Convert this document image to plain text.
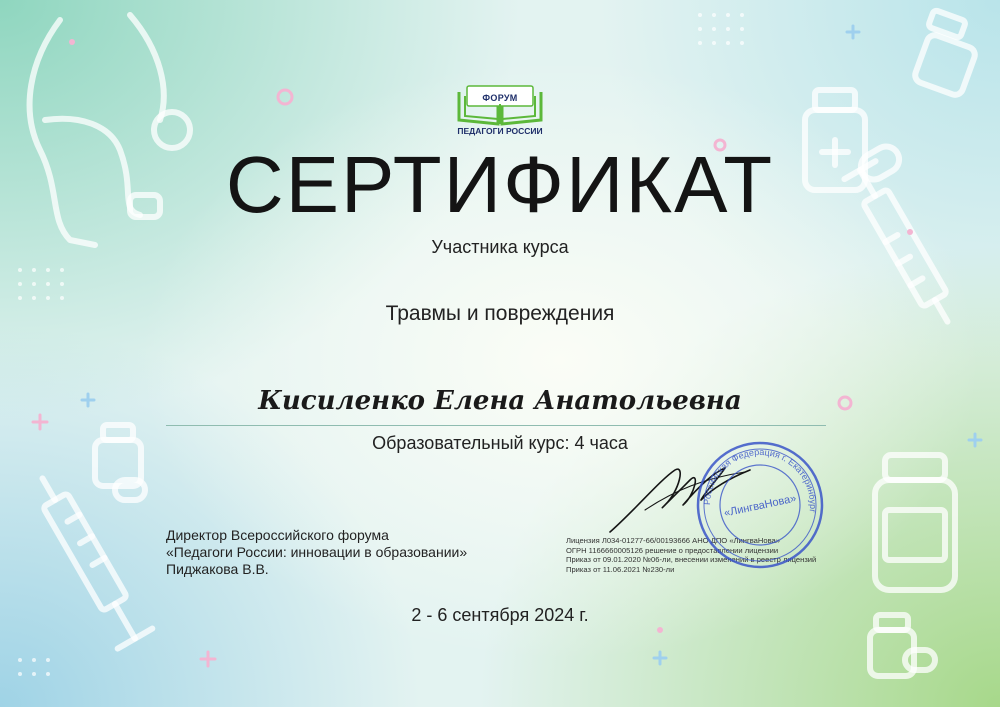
ФОРУМ
ПЕДАГОГИ РОССИИ
СЕРТИФИКАТ
Участника курса
Травмы и повреждения
Кисиленко Елена Анатольевна
Образовательный курс: 4 часа
Директор Всероссийского форума
«Педагоги России: инновации в образовании»
Пиджакова В.В.
Лицензия Л034-01277-66/00193666 АНО ДПО «ЛингваНова»
ОГРН 1166660005126 решение о предоставлении лицензии
Приказ от 09.01.2020 №06-ли, внесении изменений в реестр лицензий
Приказ от 11.06.2021 №230-ли
Российская Федерация г. Екатеринбург
«ЛингваНова»
2 - 6 сентября 2024 г.
